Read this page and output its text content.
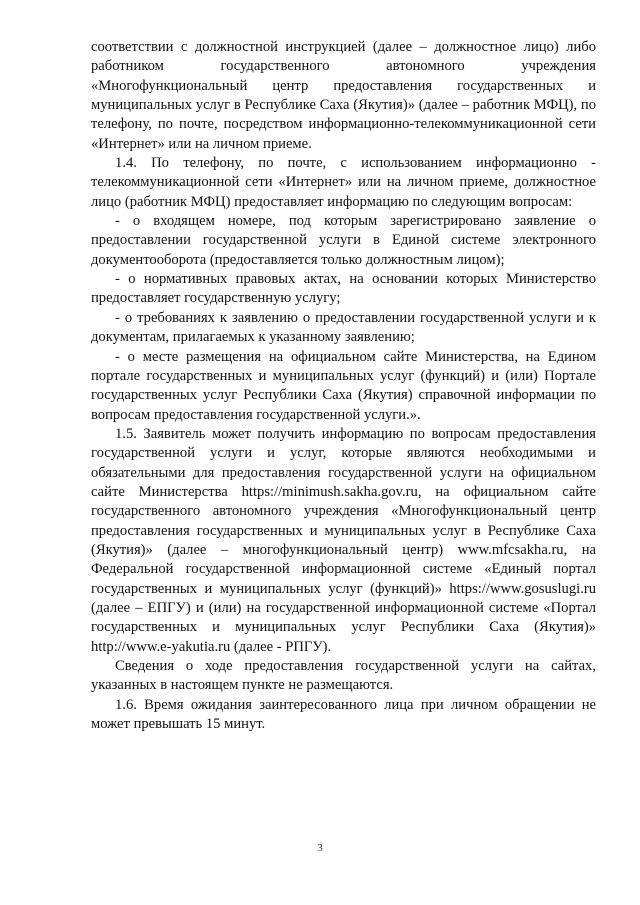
соответствии с должностной инструкцией (далее – должностное лицо) либо работником государственного автономного учреждения «Многофункциональный центр предоставления государственных и муниципальных услуг в Республике Саха (Якутия)» (далее – работник МФЦ), по телефону, по почте, посредством информационно-телекоммуникационной сети «Интернет» или на личном приеме.

1.4. По телефону, по почте, с использованием информационно - телекоммуникационной сети «Интернет» или на личном приеме, должностное лицо (работник МФЦ) предоставляет информацию по следующим вопросам:

- о входящем номере, под которым зарегистрировано заявление о предоставлении государственной услуги в Единой системе электронного документооборота (предоставляется только должностным лицом);

- о нормативных правовых актах, на основании которых Министерство предоставляет государственную услугу;

- о требованиях к заявлению о предоставлении государственной услуги и к документам, прилагаемых к указанному заявлению;

- о месте размещения на официальном сайте Министерства, на Едином портале государственных и муниципальных услуг (функций) и (или) Портале государственных услуг Республики Саха (Якутия) справочной информации по вопросам предоставления государственной услуги.».

1.5. Заявитель может получить информацию по вопросам предоставления государственной услуги и услуг, которые являются необходимыми и обязательными для предоставления государственной услуги на официальном сайте Министерства https://minimush.sakha.gov.ru, на официальном сайте государственного автономного учреждения «Многофункциональный центр предоставления государственных и муниципальных услуг в Республике Саха (Якутия)» (далее – многофункциональный центр) www.mfcsakha.ru, на Федеральной государственной информационной системе «Единый портал государственных и муниципальных услуг (функций)» https://www.gosuslugi.ru (далее – ЕПГУ) и (или) на государственной информационной системе «Портал государственных и муниципальных услуг Республики Саха (Якутия)» http://www.e-yakutia.ru (далее - РПГУ).

Сведения о ходе предоставления государственной услуги на сайтах, указанных в настоящем пункте не размещаются.

1.6. Время ожидания заинтересованного лица при личном обращении не может превышать 15 минут.

3
